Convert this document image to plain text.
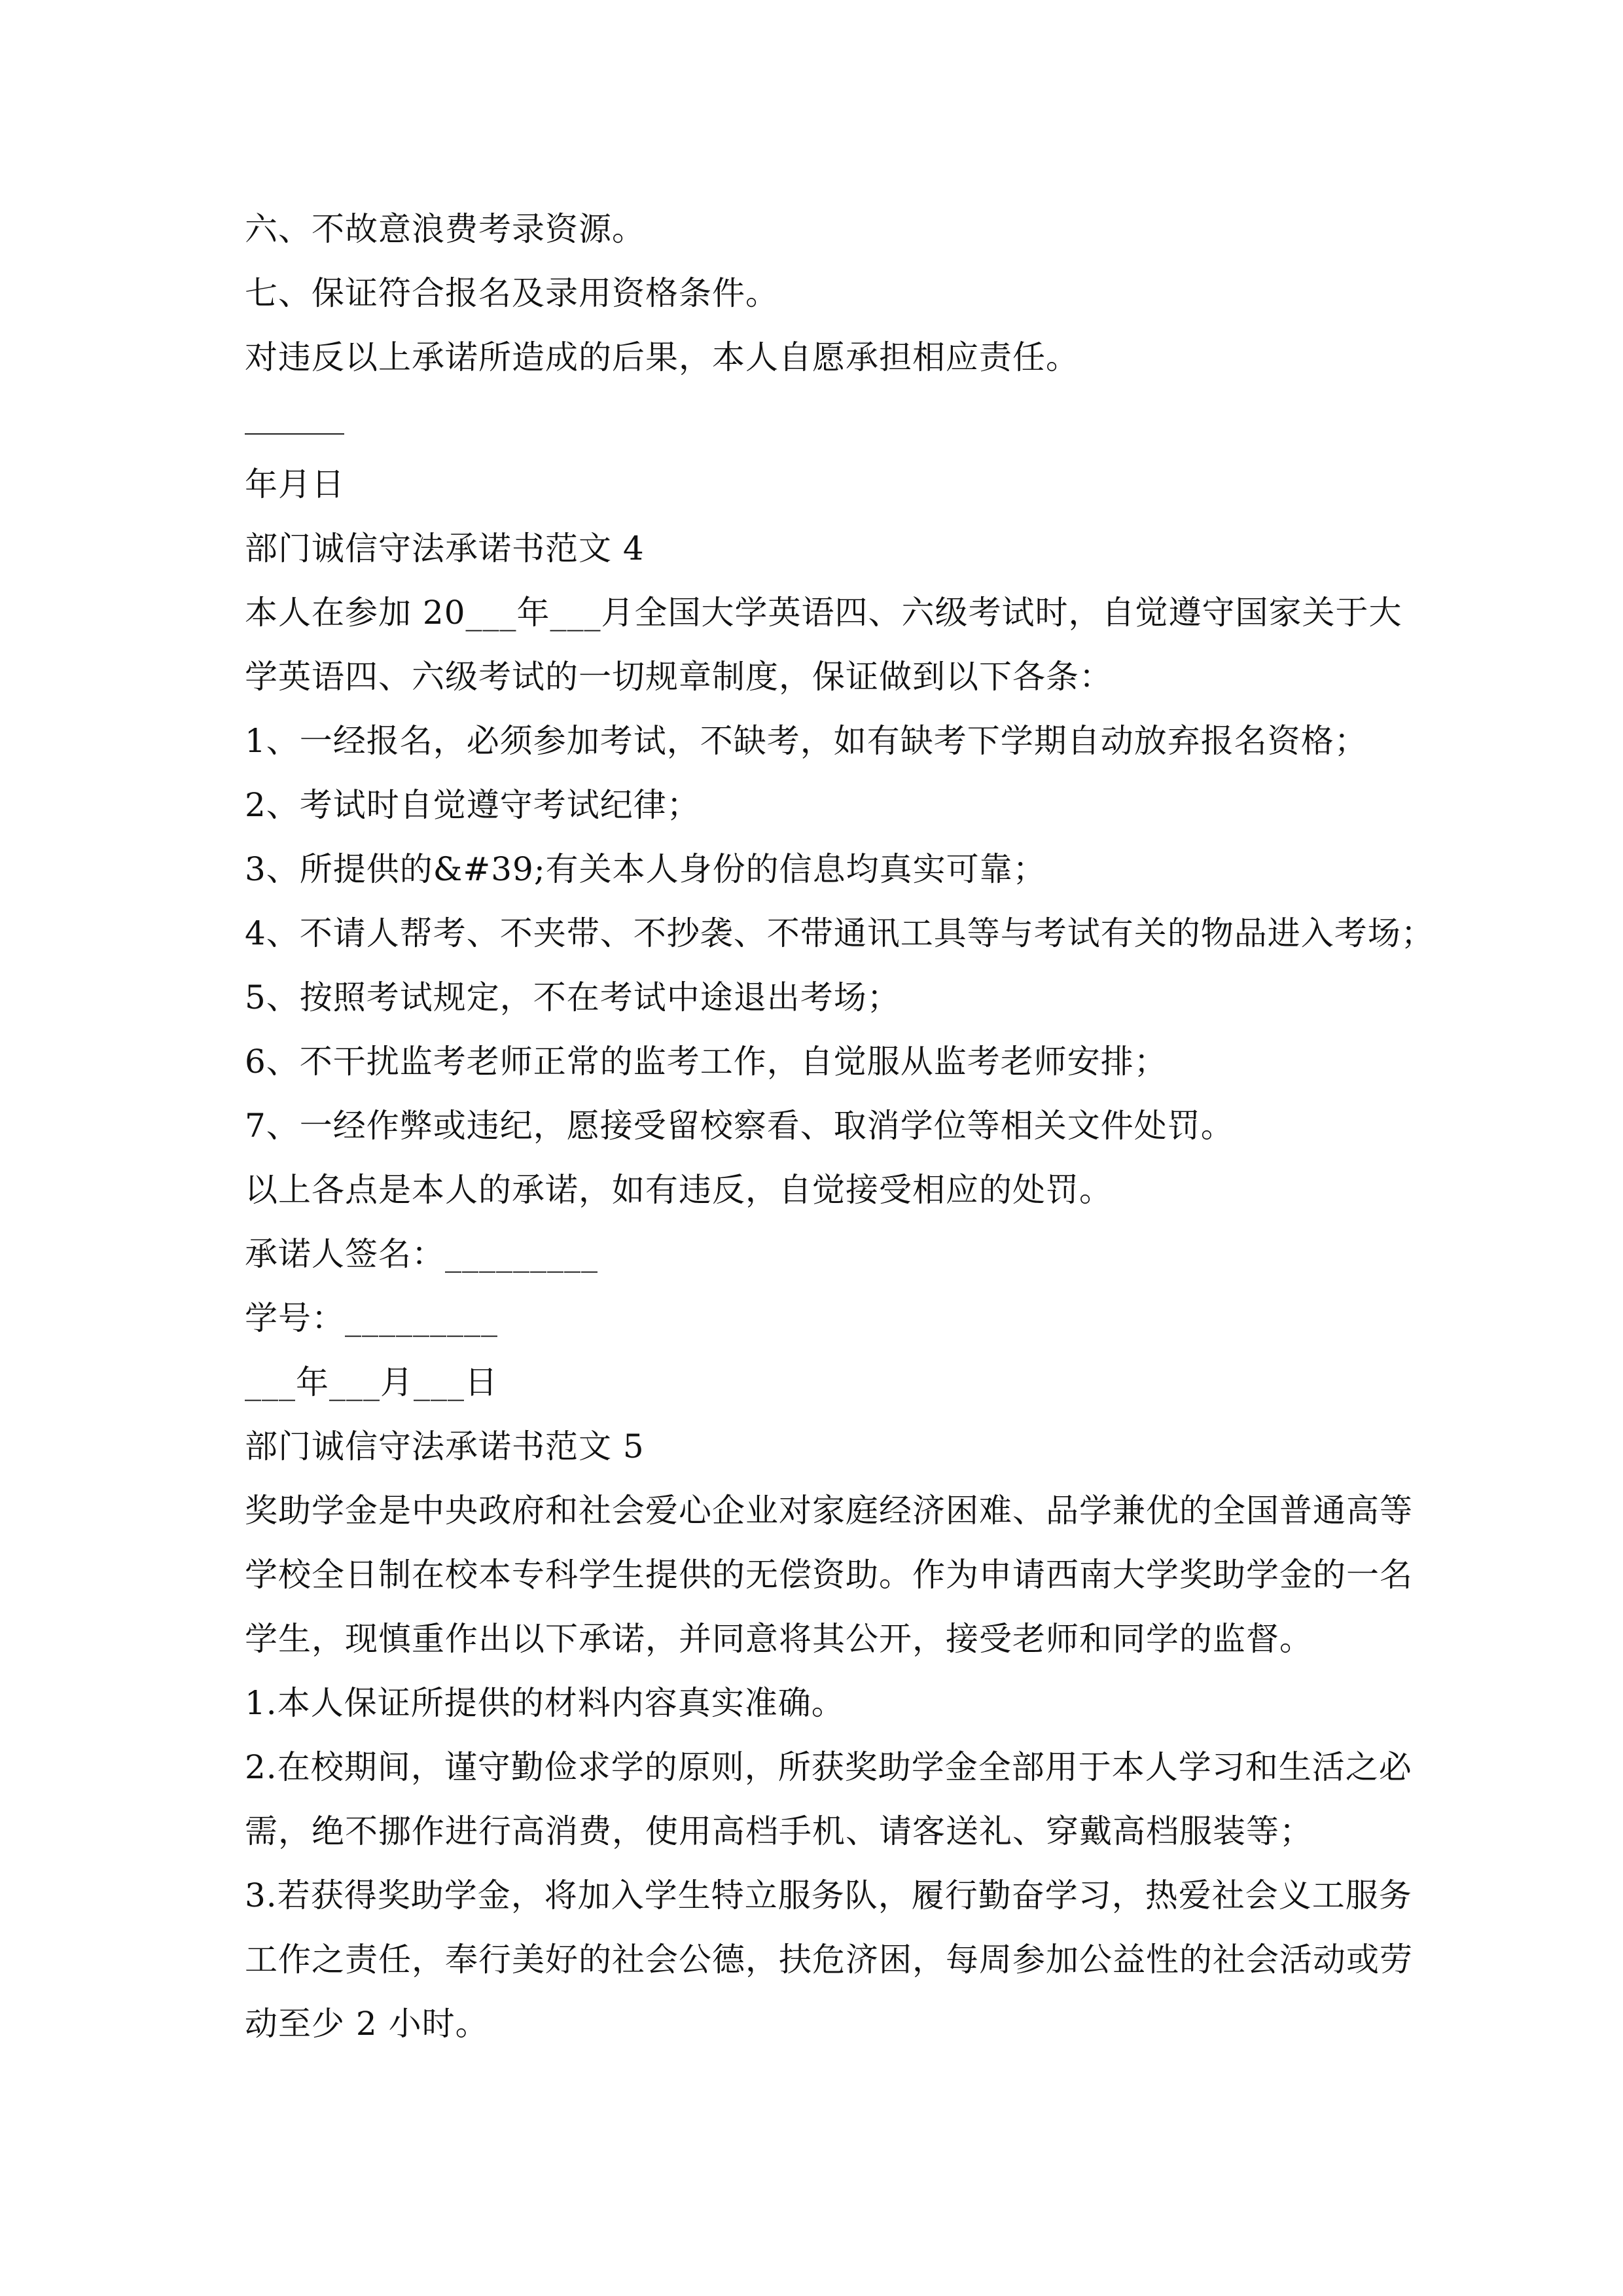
六、不故意浪费考录资源。
七、保证符合报名及录用资格条件。
对违反以上承诺所造成的后果，本人自愿承担相应责任。
年月日
部门诚信守法承诺书范文 4
本人在参加 20___年___月全国大学英语四、六级考试时，自觉遵守国家关于大
学英语四、六级考试的一切规章制度，保证做到以下各条：
1、一经报名，必须参加考试，不缺考，如有缺考下学期自动放弃报名资格；
2、考试时自觉遵守考试纪律；
3、所提供的&#39;有关本人身份的信息均真实可靠；
4、不请人帮考、不夹带、不抄袭、不带通讯工具等与考试有关的物品进入考场；
5、按照考试规定，不在考试中途退出考场；
6、不干扰监考老师正常的监考工作，自觉服从监考老师安排；
7、一经作弊或违纪，愿接受留校察看、取消学位等相关文件处罚。
以上各点是本人的承诺，如有违反，自觉接受相应的处罚。
承诺人签名：_________
学号：_________
___年___月___日
部门诚信守法承诺书范文 5
奖助学金是中央政府和社会爱心企业对家庭经济困难、品学兼优的全国普通高等
学校全日制在校本专科学生提供的无偿资助。作为申请西南大学奖助学金的一名
学生，现慎重作出以下承诺，并同意将其公开，接受老师和同学的监督。
1.本人保证所提供的材料内容真实准确。
2.在校期间，谨守勤俭求学的原则，所获奖助学金全部用于本人学习和生活之必
需，绝不挪作进行高消费，使用高档手机、请客送礼、穿戴高档服装等；
3.若获得奖助学金，将加入学生特立服务队，履行勤奋学习，热爱社会义工服务
工作之责任，奉行美好的社会公德，扶危济困，每周参加公益性的社会活动或劳
动至少 2 小时。
